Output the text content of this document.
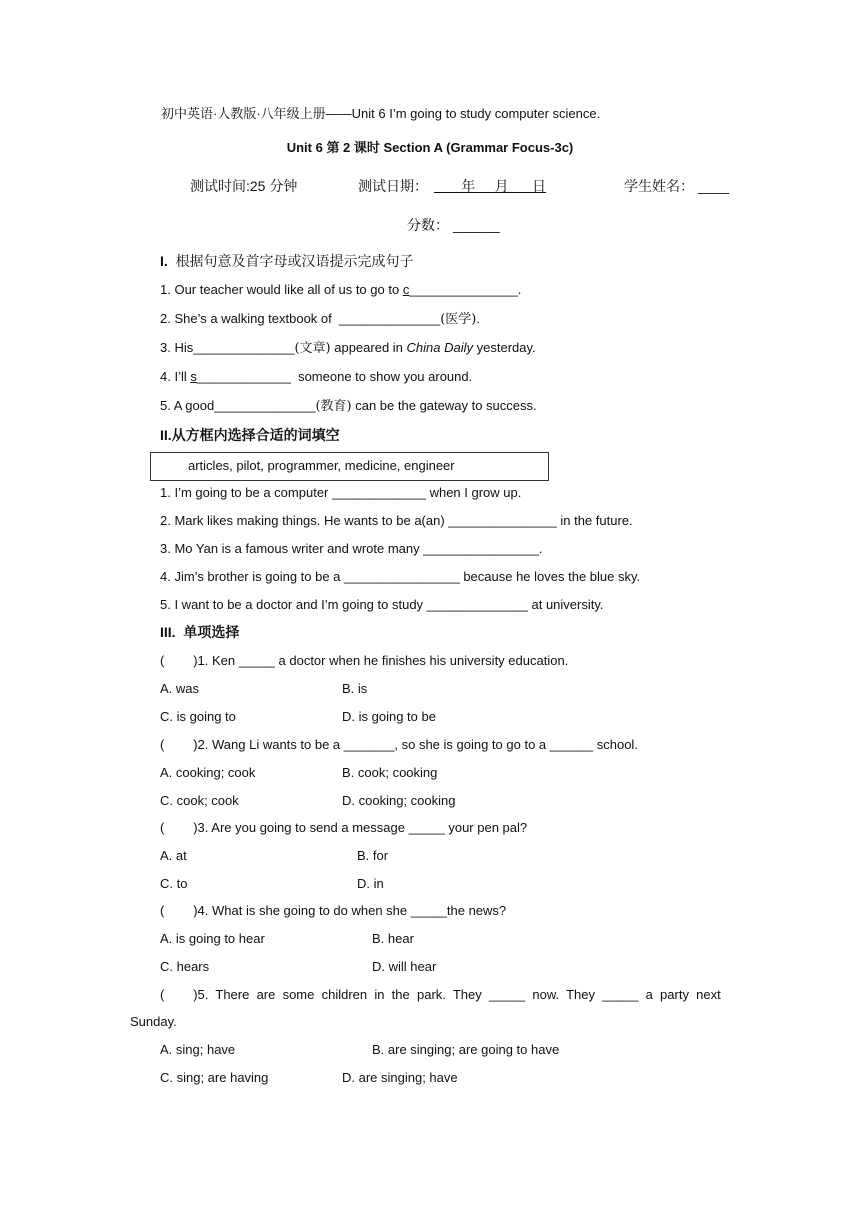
初中英语·人教版·八年级上册——Unit 6 I’m going to study computer science.
Unit 6 第 2 课时 Section A (Grammar Focus-3c)
测试时间:25 分钟	测试日期： 年     月      日	学生姓名： ____
分数： ______
I. 根据句意及首字母或汉语提示完成句子
1. Our teacher would like all of us to go to c_______________.
2. She’s a walking textbook of  ______________(医学).
3. His______________(文章) appeared in China Daily yesterday.
4. I’ll s_____________  someone to show you around.
5. A good______________(教育) can be the gateway to success.
II.从方框内选择合适的词填空
articles, pilot, programmer, medicine, engineer
1. I’m going to be a computer _____________ when I grow up.
2. Mark likes making things. He wants to be a(an) _______________ in the future.
3. Mo Yan is a famous writer and wrote many ________________.
4. Jim’s brother is going to be a ________________ because he loves the blue sky.
5. I want to be a doctor and I’m going to study ______________ at university.
III. 单项选择
(        )1. Ken _____ a doctor when he finishes his university education.
A. was	B. is
C. is going to	D. is going to be
(        )2. Wang Li wants to be a _______, so she is going to go to a ______ school.
A. cooking; cook	B. cook; cooking
C. cook; cook	D. cooking; cooking
(        )3. Are you going to send a message _____ your pen pal?
A. at	B. for
C. to	D. in
(        )4. What is she going to do when she _____the news?
A. is going to hear	B. hear
C. hears	D. will hear
(        )5.  There  are  some  children  in  the  park.  They  _____  now.  They  _____  a  party  next
Sunday.
A. sing; have	B. are singing; are going to have
C. sing; are having	D. are singing; have
